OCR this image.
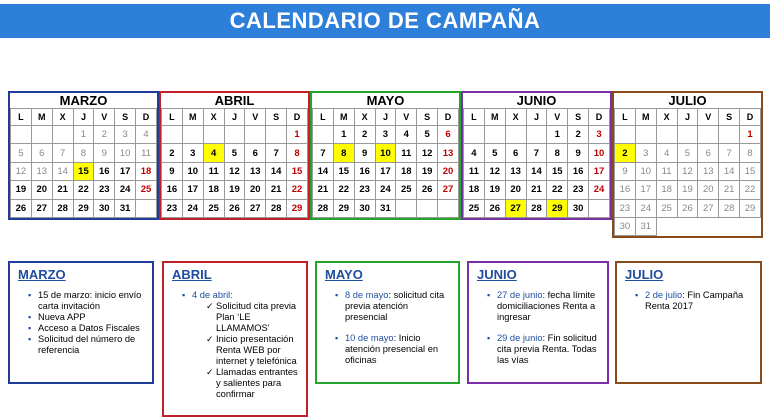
CALENDARIO DE CAMPAÑA
MARZO
L	M	X	J	V	S	D
			1	2	3	4
5	6	7	8	9	10	11
12	13	14	15	16	17	18
19	20	21	22	23	24	25
26	27	28	29	30	31	
ABRIL
L	M	X	J	V	S	D
						1
2	3	4	5	6	7	8
9	10	11	12	13	14	15
16	17	18	19	20	21	22
23	24	25	26	27	28	29
MAYO
L	M	X	J	V	S	D
	1	2	3	4	5	6
7	8	9	10	11	12	13
14	15	16	17	18	19	20
21	22	23	24	25	26	27
28	29	30	31			
JUNIO
L	M	X	J	V	S	D
				1	2	3
4	5	6	7	8	9	10
11	12	13	14	15	16	17
18	19	20	21	22	23	24
25	26	27	28	29	30	
JULIO
L	M	X	J	V	S	D
						1
2	3	4	5	6	7	8
9	10	11	12	13	14	15
16	17	18	19	20	21	22
23	24	25	26	27	28	29
30	31					
MARZO
▪ 15 de marzo: inicio envío carta invitación
▪ Nueva APP
▪ Acceso a Datos Fiscales
▪ Solicitud del número de referencia
ABRIL
▪ 4 de abril:
✓ Solicitud cita previa Plan ‘LE LLAMAMOS’
✓ Inicio presentación Renta WEB por internet y telefónica
✓ Llamadas entrantes y salientes para confirmar
MAYO
▪ 8 de mayo: solicitud cita previa atención presencial
▪ 10 de mayo: Inicio atención presencial en oficinas
JUNIO
▪ 27 de junio: fecha límite domiciliaciones Renta a ingresar
▪ 29 de junio: Fin solicitud cita previa Renta. Todas las vías
JULIO
▪ 2 de julio: Fin Campaña Renta 2017
